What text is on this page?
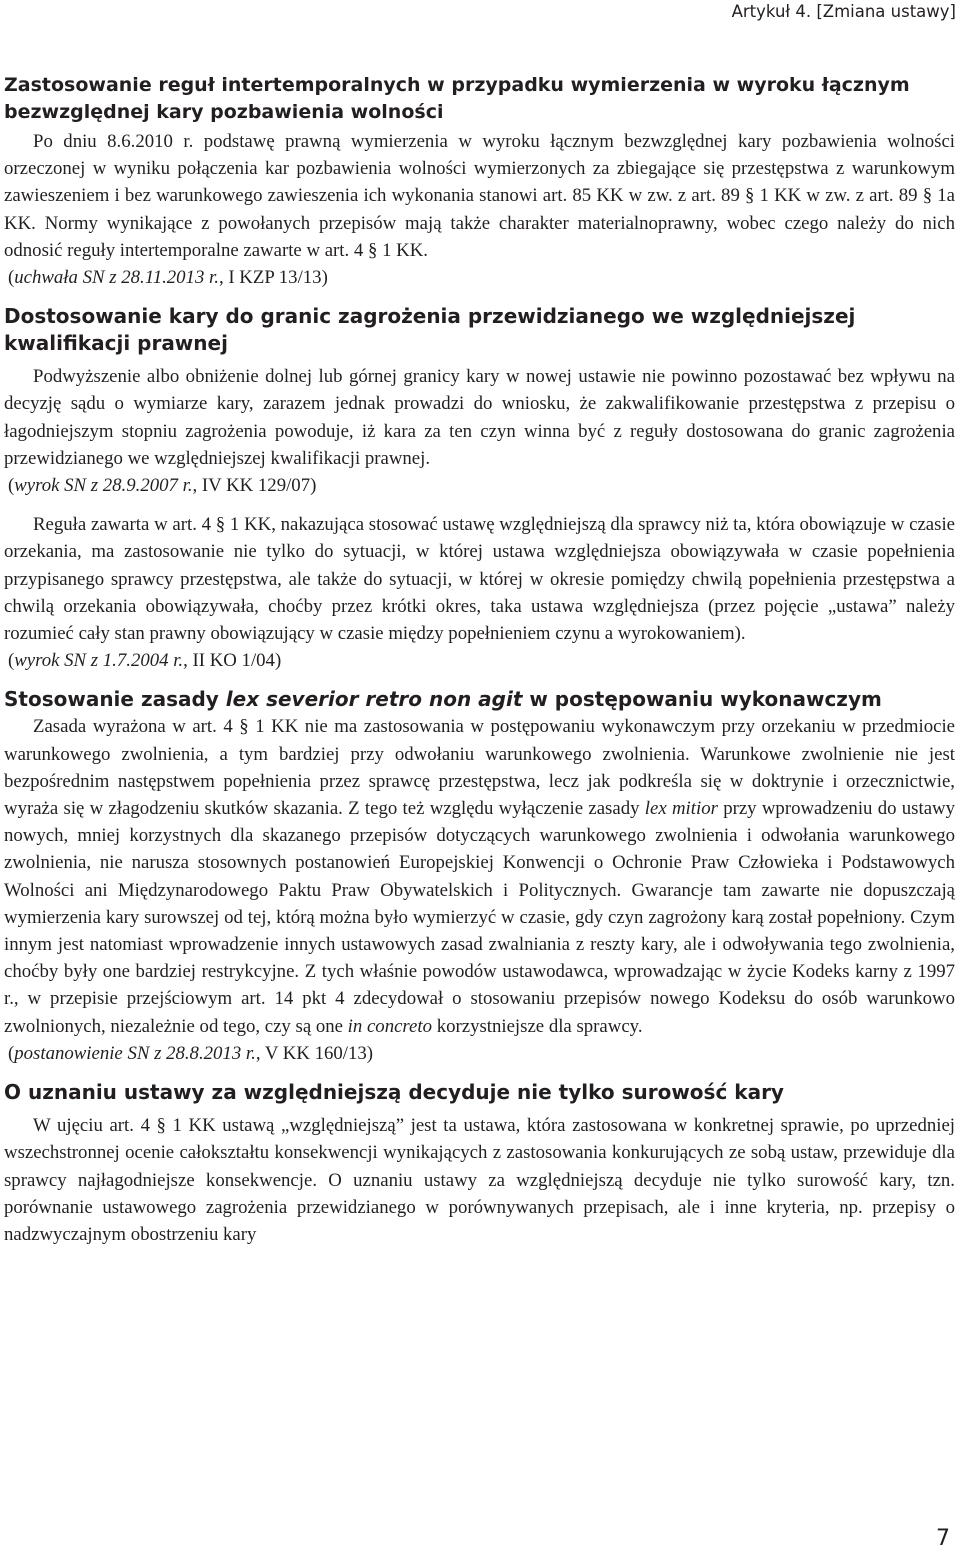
Artykuł 4. [Zmiana ustawy]
Zastosowanie reguł intertemporalnych w przypadku wymierzenia w wyroku łącznym bezwzględnej kary pozbawienia wolności

Po dniu 8.6.2010 r. podstawę prawną wymierzenia w wyroku łącznym bezwzględnej kary pozbawienia wolności orzeczonej w wyniku połączenia kar pozbawienia wolności wymierzonych za zbiegające się przestępstwa z warunkowym zawieszeniem i bez warunkowego zawieszenia ich wykonania stanowi art. 85 KK w zw. z art. 89 § 1 KK w zw. z art. 89 § 1a KK. Normy wynikające z powołanych przepisów mają także charakter materialnoprawny, wobec czego należy do nich odnosić reguły intertemporalne zawarte w art. 4 § 1 KK.

(uchwała SN z 28.11.2013 r., I KZP 13/13)

Dostosowanie kary do granic zagrożenia przewidzianego we względniejszej kwalifikacji prawnej

Podwyższenie albo obniżenie dolnej lub górnej granicy kary w nowej ustawie nie powinno pozostawać bez wpływu na decyzję sądu o wymiarze kary, zarazem jednak prowadzi do wniosku, że zakwalifikowanie przestępstwa z przepisu o łagodniejszym stopniu zagrożenia powoduje, iż kara za ten czyn winna być z reguły dostosowana do granic zagrożenia przewidzianego we względniejszej kwalifikacji prawnej.

(wyrok SN z 28.9.2007 r., IV KK 129/07)

Reguła zawarta w art. 4 § 1 KK, nakazująca stosować ustawę względniejszą dla sprawcy niż ta, która obowiązuje w czasie orzekania, ma zastosowanie nie tylko do sytuacji, w której ustawa względniejsza obowiązywała w czasie popełnienia przypisanego sprawcy przestępstwa, ale także do sytuacji, w której w okresie pomiędzy chwilą popełnienia przestępstwa a chwilą orzekania obowiązywała, choćby przez krótki okres, taka ustawa względniejsza (przez pojęcie „ustawa” należy rozumieć cały stan prawny obowiązujący w czasie między popełnieniem czynu a wyrokowaniem).

(wyrok SN z 1.7.2004 r., II KO 1/04)

Stosowanie zasady lex severior retro non agit w postępowaniu wykonawczym

Zasada wyrażona w art. 4 § 1 KK nie ma zastosowania w postępowaniu wykonawczym przy orzekaniu w przedmiocie warunkowego zwolnienia, a tym bardziej przy odwołaniu warunkowego zwolnienia. Warunkowe zwolnienie nie jest bezpośrednim następstwem popełnienia przez sprawcę przestępstwa, lecz jak podkreśla się w doktrynie i orzecznictwie, wyraża się w złagodzeniu skutków skazania. Z tego też względu wyłączenie zasady lex mitior przy wprowadzeniu do ustawy nowych, mniej korzystnych dla skazanego przepisów dotyczących warunkowego zwolnienia i odwołania warunkowego zwolnienia, nie narusza stosownych postanowień Europejskiej Konwencji o Ochronie Praw Człowieka i Podstawowych Wolności ani Międzynarodowego Paktu Praw Obywatelskich i Politycznych. Gwarancje tam zawarte nie dopuszczają wymierzenia kary surowszej od tej, którą można było wymierzyć w czasie, gdy czyn zagrożony karą został popełniony. Czym innym jest natomiast wprowadzenie innych ustawowych zasad zwalniania z reszty kary, ale i odwoływania tego zwolnienia, choćby były one bardziej restrykcyjne. Z tych właśnie powodów ustawodawca, wprowadzając w życie Kodeks karny z 1997 r., w przepisie przejściowym art. 14 pkt 4 zdecydował o stosowaniu przepisów nowego Kodeksu do osób warunkowo zwolnionych, niezależnie od tego, czy są one in concreto korzystniejsze dla sprawcy.

(postanowienie SN z 28.8.2013 r., V KK 160/13)

O uznaniu ustawy za względniejszą decyduje nie tylko surowość kary

W ujęciu art. 4 § 1 KK ustawą „względniejszą” jest ta ustawa, która zastosowana w konkretnej sprawie, po uprzedniej wszechstronnej ocenie całokształtu konsekwencji wynikających z zastosowania konkurujących ze sobą ustaw, przewiduje dla sprawcy najłagodniejsze konsekwencje. O uznaniu ustawy za względniejszą decyduje nie tylko surowość kary, tzn. porównanie ustawowego zagrożenia przewidzianego w porównywanych przepisach, ale i inne kryteria, np. przepisy o nadzwyczajnym obostrzeniu kary

7
